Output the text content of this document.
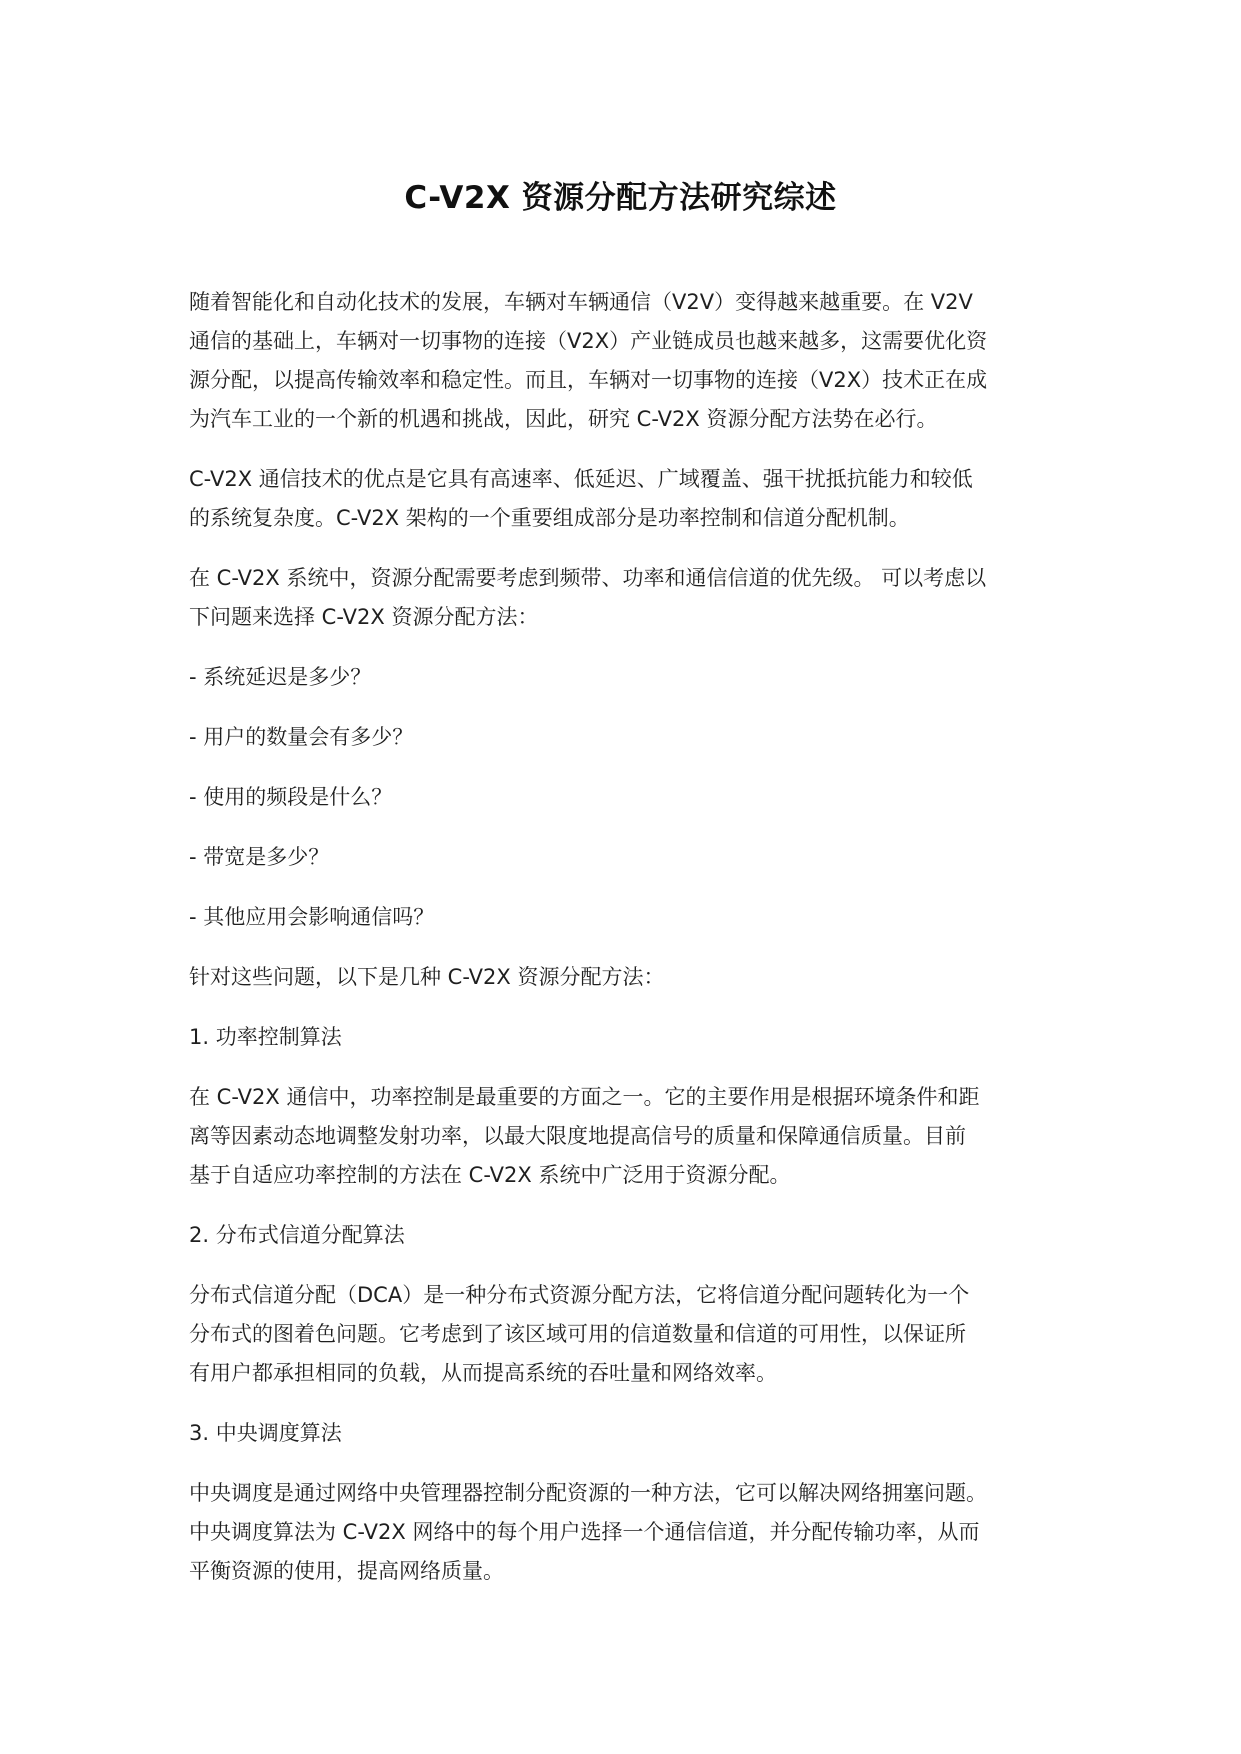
C-V2X 资源分配方法研究综述

随着智能化和自动化技术的发展，车辆对车辆通信（V2V）变得越来越重要。在 V2V
通信的基础上，车辆对一切事物的连接（V2X）产业链成员也越来越多，这需要优化资
源分配，以提高传输效率和稳定性。而且，车辆对一切事物的连接（V2X）技术正在成
为汽车工业的一个新的机遇和挑战，因此，研究 C-V2X 资源分配方法势在必行。

C-V2X 通信技术的优点是它具有高速率、低延迟、广域覆盖、强干扰抵抗能力和较低
的系统复杂度。C-V2X 架构的一个重要组成部分是功率控制和信道分配机制。

在 C-V2X 系统中，资源分配需要考虑到频带、功率和通信信道的优先级。 可以考虑以
下问题来选择 C-V2X 资源分配方法：

- 系统延迟是多少？
- 用户的数量会有多少？
- 使用的频段是什么？
- 带宽是多少？
- 其他应用会影响通信吗？
针对这些问题，以下是几种 C-V2X 资源分配方法：
1. 功率控制算法

在 C-V2X 通信中，功率控制是最重要的方面之一。它的主要作用是根据环境条件和距
离等因素动态地调整发射功率，以最大限度地提高信号的质量和保障通信质量。目前
基于自适应功率控制的方法在 C-V2X 系统中广泛用于资源分配。

2. 分布式信道分配算法

分布式信道分配（DCA）是一种分布式资源分配方法，它将信道分配问题转化为一个
分布式的图着色问题。它考虑到了该区域可用的信道数量和信道的可用性，以保证所
有用户都承担相同的负载，从而提高系统的吞吐量和网络效率。

3. 中央调度算法

中央调度是通过网络中央管理器控制分配资源的一种方法，它可以解决网络拥塞问题。
中央调度算法为 C-V2X 网络中的每个用户选择一个通信信道，并分配传输功率，从而
平衡资源的使用，提高网络质量。
